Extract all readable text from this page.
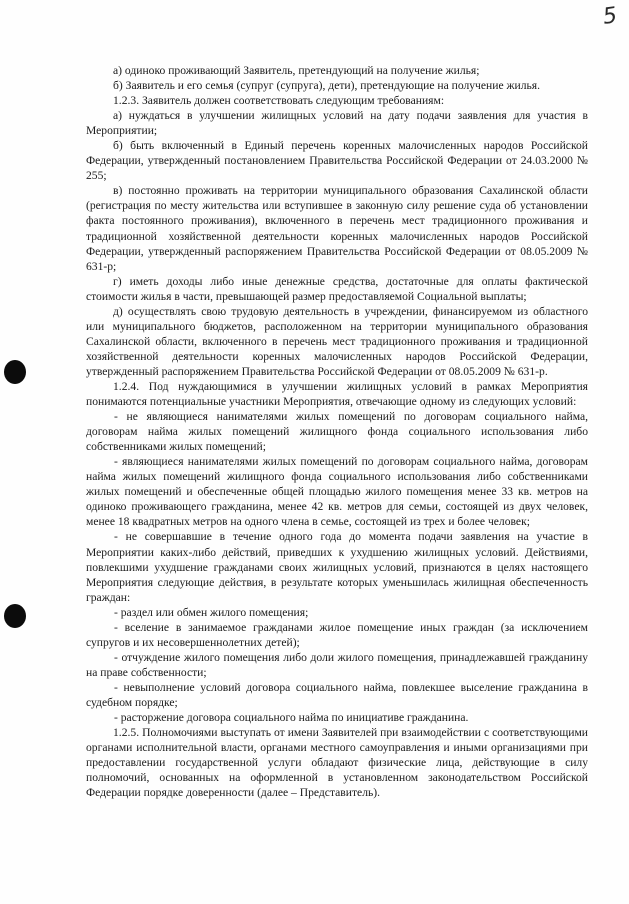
5

а) одиноко проживающий Заявитель, претендующий на получение жилья;

б) Заявитель и его семья (супруг (супруга), дети), претендующие на получение жилья.

1.2.3. Заявитель должен соответствовать следующим требованиям:

а) нуждаться в улучшении жилищных условий на дату подачи заявления для участия в Мероприятии;

б) быть включенный в Единый перечень коренных малочисленных народов Российской Федерации, утвержденный постановлением Правительства Российской Федерации от 24.03.2000 № 255;

в) постоянно проживать на территории муниципального образования Сахалинской области (регистрация по месту жительства или вступившее в законную силу решение суда об установлении факта постоянного проживания), включенного в перечень мест традиционного проживания и традиционной хозяйственной деятельности коренных малочисленных народов Российской Федерации, утвержденный распоряжением Правительства Российской Федерации от 08.05.2009 № 631-р;

г) иметь доходы либо иные денежные средства, достаточные для оплаты фактической стоимости жилья в части, превышающей размер предоставляемой Социальной выплаты;

д) осуществлять свою трудовую деятельность в учреждении, финансируемом из областного или муниципального бюджетов, расположенном на территории муниципального образования Сахалинской области, включенного в перечень мест традиционного проживания и традиционной хозяйственной деятельности коренных малочисленных народов Российской Федерации, утвержденный распоряжением Правительства Российской Федерации от 08.05.2009 № 631-р.

1.2.4. Под нуждающимися в улучшении жилищных условий в рамках Мероприятия понимаются потенциальные участники Мероприятия, отвечающие одному из следующих условий:

- не являющиеся нанимателями жилых помещений по договорам социального найма, договорам найма жилых помещений жилищного фонда социального использования либо собственниками жилых помещений;

- являющиеся нанимателями жилых помещений по договорам социального найма, договорам найма жилых помещений жилищного фонда социального использования либо собственниками жилых помещений и обеспеченные общей площадью жилого помещения менее 33 кв. метров на одиноко проживающего гражданина, менее 42 кв. метров для семьи, состоящей из двух человек, менее 18 квадратных метров на одного члена в семье, состоящей из трех и более человек;

- не совершавшие в течение одного года до момента подачи заявления на участие в Мероприятии каких-либо действий, приведших к ухудшению жилищных условий. Действиями, повлекшими ухудшение гражданами своих жилищных условий, признаются в целях настоящего Мероприятия следующие действия, в результате которых уменьшилась жилищная обеспеченность граждан:

- раздел или обмен жилого помещения;

- вселение в занимаемое гражданами жилое помещение иных граждан (за исключением супругов и их несовершеннолетних детей);

- отчуждение жилого помещения либо доли жилого помещения, принадлежавшей гражданину на праве собственности;

- невыполнение условий договора социального найма, повлекшее выселение гражданина в судебном порядке;

- расторжение договора социального найма по инициативе гражданина.

1.2.5. Полномочиями выступать от имени Заявителей при взаимодействии с соответствующими органами исполнительной власти, органами местного самоуправления и иными организациями при предоставлении государственной услуги обладают физические лица, действующие в силу полномочий, основанных на оформленной в установленном законодательством Российской Федерации порядке доверенности (далее – Представитель).
